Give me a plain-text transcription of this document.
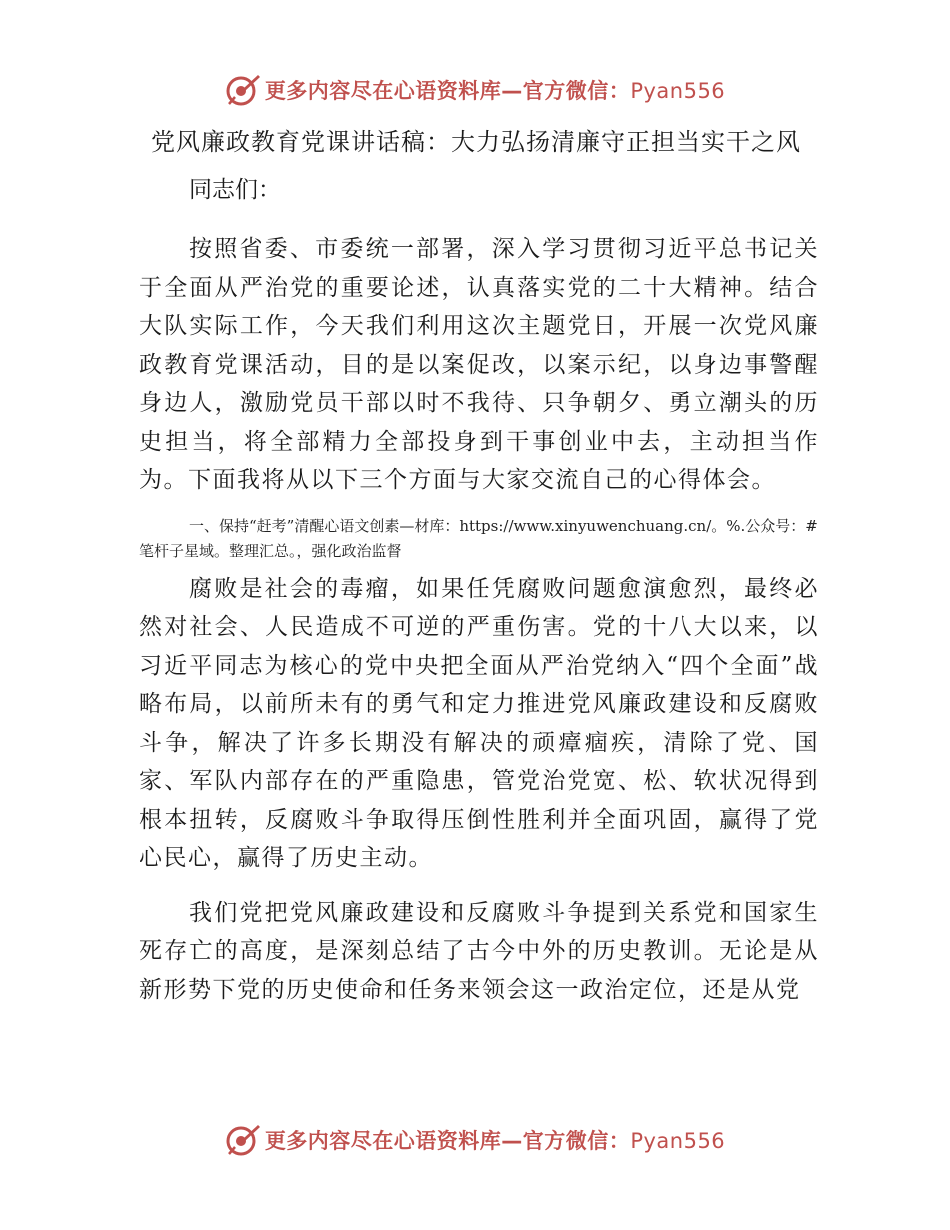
更多内容尽在心语资料库—官方微信：Pyan556
党风廉政教育党课讲话稿：大力弘扬清廉守正担当实干之风

同志们：

按照省委、市委统一部署，深入学习贯彻习近平总书记关于全面从严治党的重要论述，认真落实党的二十大精神。结合大队实际工作，今天我们利用这次主题党日，开展一次党风廉政教育党课活动，目的是以案促改，以案示纪，以身边事警醒身边人，激励党员干部以时不我待、只争朝夕、勇立潮头的历史担当，将全部精力全部投身到干事创业中去，主动担当作为。下面我将从以下三个方面与大家交流自己的心得体会。

一、保持“赶考”清醒心语文创素—材库：https://www.xinyuwenchuang.cn/。%.公众号：#笔杆子星域。整理汇总。，强化政治监督

腐败是社会的毒瘤，如果任凭腐败问题愈演愈烈，最终必然对社会、人民造成不可逆的严重伤害。党的十八大以来，以习近平同志为核心的党中央把全面从严治党纳入“四个全面”战略布局，以前所未有的勇气和定力推进党风廉政建设和反腐败斗争，解决了许多长期没有解决的顽瘴痼疾，清除了党、国家、军队内部存在的严重隐患，管党治党宽、松、软状况得到根本扭转，反腐败斗争取得压倒性胜利并全面巩固，赢得了党心民心，赢得了历史主动。

我们党把党风廉政建设和反腐败斗争提到关系党和国家生死存亡的高度，是深刻总结了古今中外的历史教训。无论是从新形势下党的历史使命和任务来领会这一政治定位，还是从党

更多内容尽在心语资料库—官方微信：Pyan556
